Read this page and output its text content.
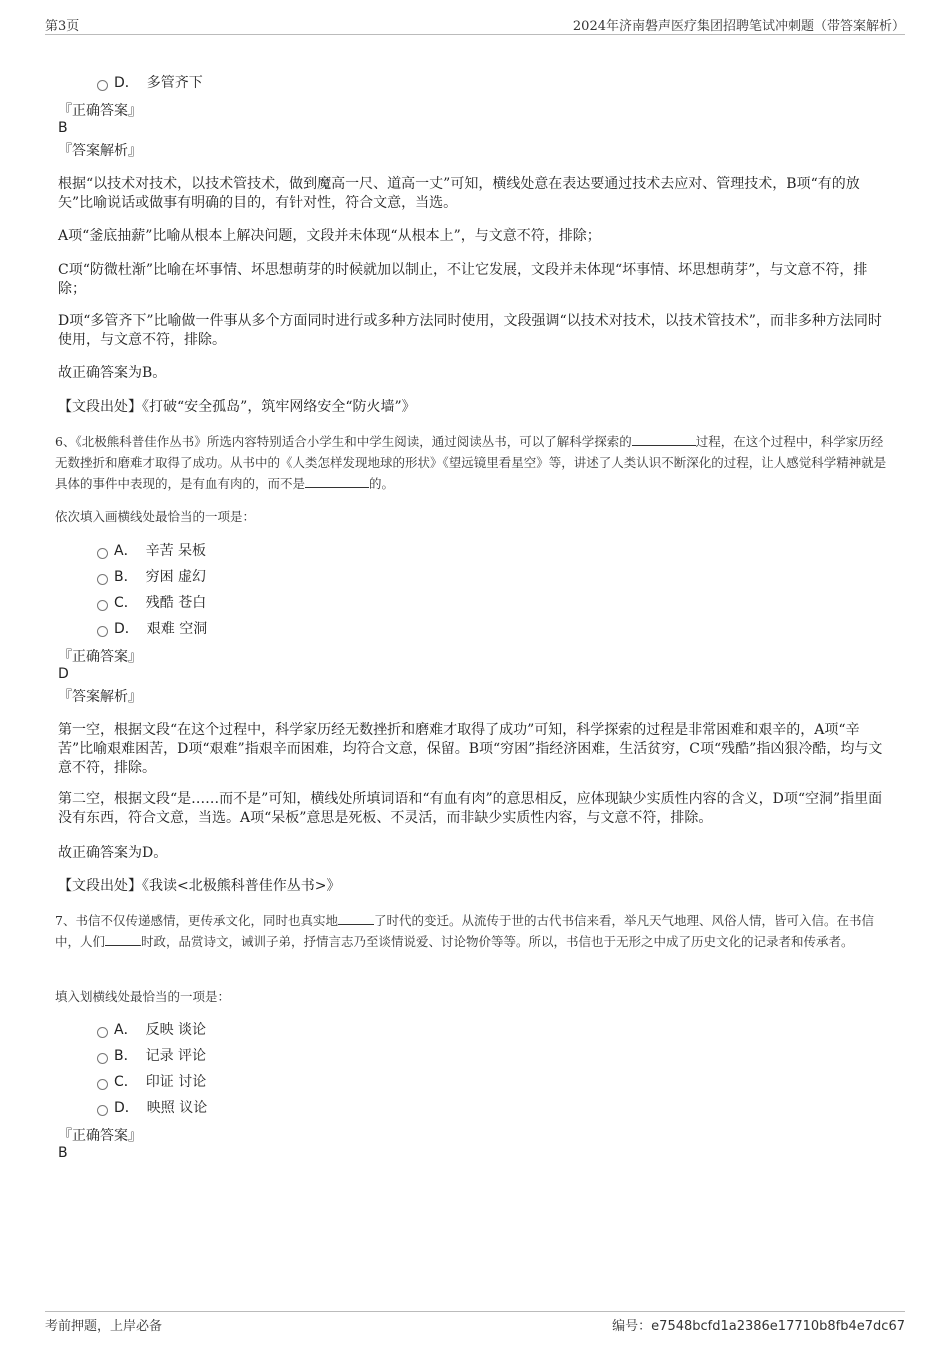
第3页	2024年济南磐声医疗集团招聘笔试冲刺题（带答案解析）
D． 多管齐下
『正确答案』
B
『答案解析』
根据“以技术对技术，以技术管技术，做到魔高一尺、道高一丈”可知，横线处意在表达要通过技术去应对、管理技术，B项“有的放矢”比喻说话或做事有明确的目的，有针对性，符合文意，当选。
A项“釜底抽薪”比喻从根本上解决问题，文段并未体现“从根本上”，与文意不符，排除；
C项“防微杜渐”比喻在坏事情、坏思想萌芽的时候就加以制止，不让它发展，文段并未体现“坏事情、坏思想萌芽”，与文意不符，排除；
D项“多管齐下”比喻做一件事从多个方面同时进行或多种方法同时使用，文段强调“以技术对技术，以技术管技术”，而非多种方法同时使用，与文意不符，排除。
故正确答案为B。
【文段出处】《打破“安全孤岛”，筑牢网络安全“防火墙”》
6、《北极熊科普佳作丛书》所选内容特别适合小学生和中学生阅读，通过阅读丛书，可以了解科学探索的	过程，在这个过程中，科学家历经无数挫折和磨难才取得了成功。从书中的《人类怎样发现地球的形状》《望远镜里看星空》等，讲述了人类认识不断深化的过程，让人感觉科学精神就是具体的事件中表现的，是有血有肉的，而不是	的。
依次填入画横线处最恰当的一项是：
A． 辛苦 呆板
B． 穷困 虚幻
C． 残酷 苍白
D． 艰难 空洞
『正确答案』
D
『答案解析』
第一空，根据文段“在这个过程中，科学家历经无数挫折和磨难才取得了成功”可知，科学探索的过程是非常困难和艰辛的，A项“辛苦”比喻艰难困苦，D项“艰难”指艰辛而困难，均符合文意，保留。B项“穷困”指经济困难，生活贫穷，C项“残酷”指凶狠冷酷，均与文意不符，排除。
第二空，根据文段“是……而不是”可知，横线处所填词语和“有血有肉”的意思相反，应体现缺少实质性内容的含义，D项“空洞”指里面没有东西，符合文意，当选。A项“呆板”意思是死板、不灵活，而非缺少实质性内容，与文意不符，排除。
故正确答案为D。
【文段出处】《我读<北极熊科普佳作丛书>》
7、书信不仅传递感情，更传承文化，同时也真实地	了时代的变迁。从流传于世的古代书信来看，举凡天气地理、风俗人情，皆可入信。在书信中，人们	时政，品赏诗文，诫训子弟，抒情言志乃至谈情说爱、讨论物价等等。所以，书信也于无形之中成了历史文化的记录者和传承者。
填入划横线处最恰当的一项是：
A． 反映 谈论
B． 记录 评论
C． 印证 讨论
D． 映照 议论
『正确答案』
B
考前押题，上岸必备	编号：e7548bcfd1a2386e17710b8fb4e7dc67
